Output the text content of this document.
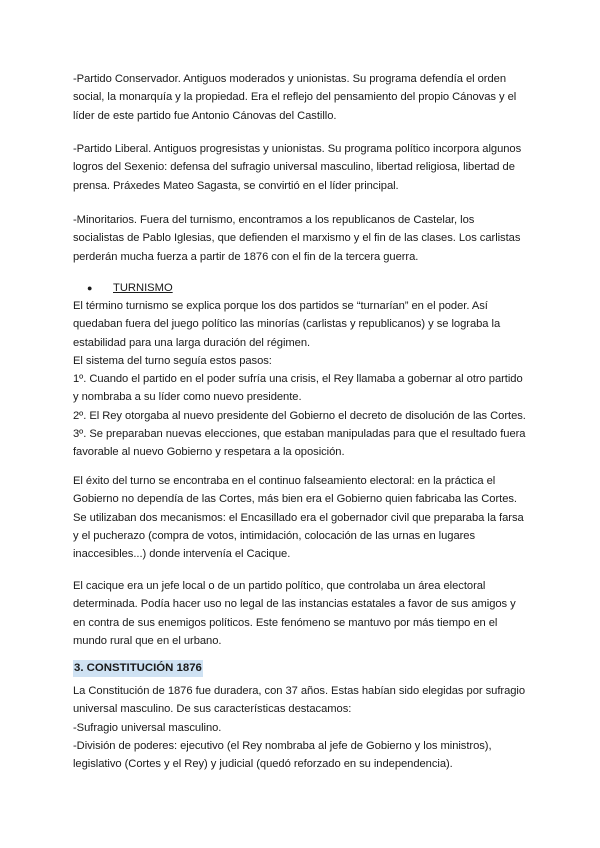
-Partido Conservador. Antiguos moderados y unionistas. Su programa defendía el orden
social, la monarquía y la propiedad. Era el reflejo del pensamiento del propio Cánovas y el
líder de este partido fue Antonio Cánovas del Castillo.

-Partido Liberal. Antiguos progresistas y unionistas. Su programa político incorpora algunos
logros del Sexenio: defensa del sufragio universal masculino, libertad religiosa, libertad de
prensa. Práxedes Mateo Sagasta, se convirtió en el líder principal.

-Minoritarios. Fuera del turnismo, encontramos a los republicanos de Castelar, los
socialistas de Pablo Iglesias, que defienden el marxismo y el fin de las clases. Los carlistas
perderán mucha fuerza a partir de 1876 con el fin de la tercera guerra.

● TURNISMO

El término turnismo se explica porque los dos partidos se “turnarían” en el poder. Así
quedaban fuera del juego político las minorías (carlistas y republicanos) y se lograba la
estabilidad para una larga duración del régimen.
El sistema del turno seguía estos pasos:
1º. Cuando el partido en el poder sufría una crisis, el Rey llamaba a gobernar al otro partido
y nombraba a su líder como nuevo presidente.
2º. El Rey otorgaba al nuevo presidente del Gobierno el decreto de disolución de las Cortes.
3º. Se preparaban nuevas elecciones, que estaban manipuladas para que el resultado fuera
favorable al nuevo Gobierno y respetara a la oposición.

El éxito del turno se encontraba en el continuo falseamiento electoral: en la práctica el
Gobierno no dependía de las Cortes, más bien era el Gobierno quien fabricaba las Cortes.
Se utilizaban dos mecanismos: el Encasillado era el gobernador civil que preparaba la farsa
y el pucherazo (compra de votos, intimidación, colocación de las urnas en lugares
inaccesibles...) donde intervenía el Cacique.

El cacique era un jefe local o de un partido político, que controlaba un área electoral
determinada. Podía hacer uso no legal de las instancias estatales a favor de sus amigos y
en contra de sus enemigos políticos. Este fenómeno se mantuvo por más tiempo en el
mundo rural que en el urbano.

3. CONSTITUCIÓN 1876

La Constitución de 1876 fue duradera, con 37 años. Estas habían sido elegidas por sufragio
universal masculino. De sus características destacamos:
-Sufragio universal masculino.
-División de poderes: ejecutivo (el Rey nombraba al jefe de Gobierno y los ministros),
legislativo (Cortes y el Rey) y judicial (quedó reforzado en su independencia).
